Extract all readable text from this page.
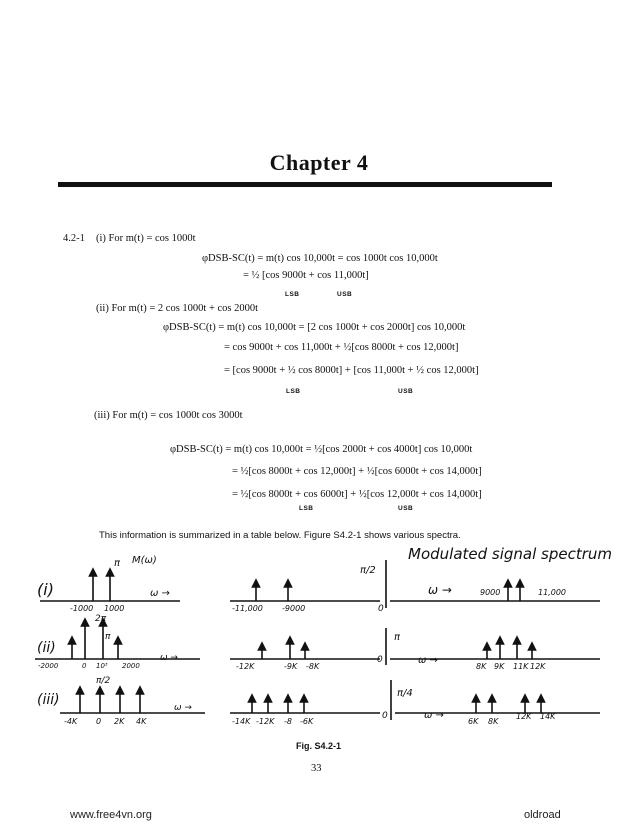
Chapter 4
4.2-1 (i) For m(t) = cos 1000t
φDSB-SC(t) = m(t) cos 10,000t = cos 1000t cos 10,000t
= ½ [cos 9000t + cos 11,000t]
LSB	USB
(ii) For m(t) = 2 cos 1000t + cos 2000t
φDSB-SC(t) = m(t) cos 10,000t = [2 cos 1000t + cos 2000t] cos 10,000t
= cos 9000t + cos 11,000t + ½[cos 8000t + cos 12,000t]
= [cos 9000t + ½ cos 8000t] + [cos 11,000t + ½ cos 12,000t]
LSB	USB
(iii) For m(t) = cos 1000t cos 3000t
φDSB-SC(t) = m(t) cos 10,000t = ½[cos 2000t + cos 4000t] cos 10,000t
= ½[cos 8000t + cos 12,000t] + ½[cos 6000t + cos 14,000t]
= ½[cos 8000t + cos 6000t] + ½[cos 12,000t + cos 14,000t]
LSB	USB
This information is summarized in a table below. Figure S4.2-1 shows various spectra.
Modulated signal spectrum
(i)
M(ω)
π
-1000 1000
ω →
-11,000 -9000
π/2
0
ω →	9000	11,000
(ii)
2π
π
-2000	0 10³ 2000
ω →
-12K	-9K -8K
π
0	ω →
8K 9K 11K 12K
(iii)
π/2
-4K 0 2K 4K
ω →
-14K -12K -8 -6K
π/4
0	ω →
6K 8K
12K 14K
Fig. S4.2-1
33
www.free4vn.org	oldroad
